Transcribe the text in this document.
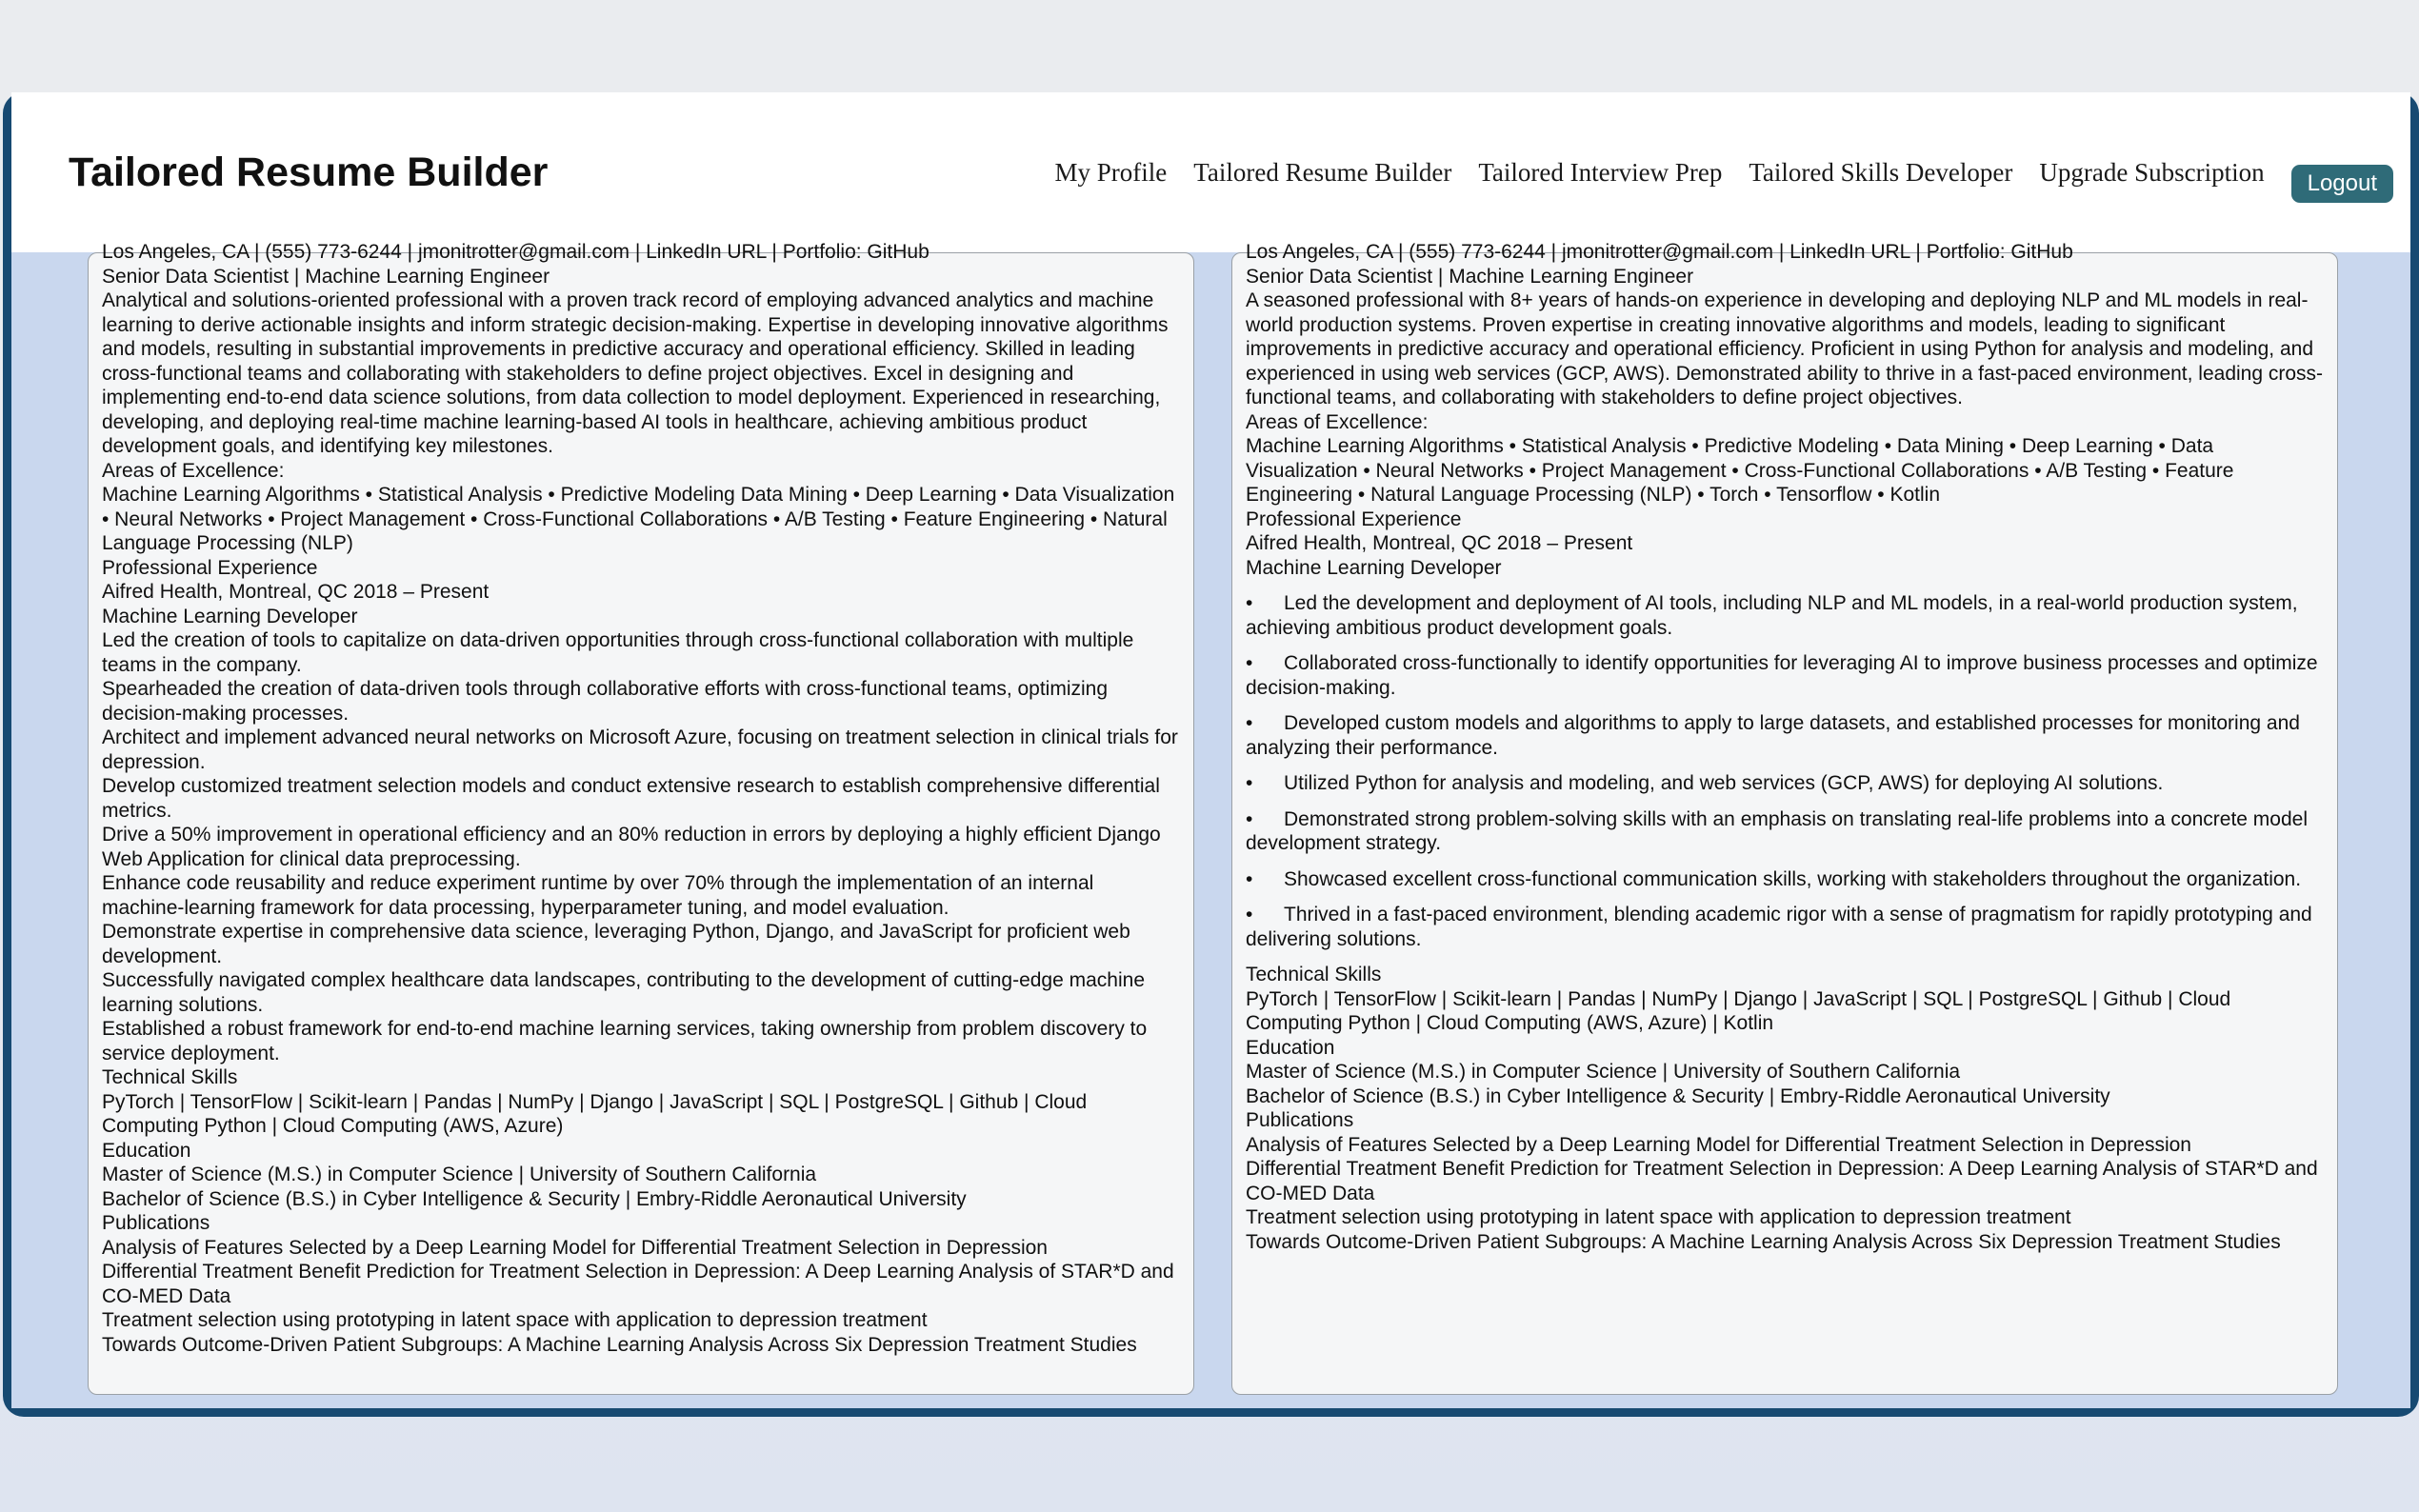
Tailored Resume Builder	My Profile Tailored Resume Builder Tailored Interview Prep Tailored Skills Developer Upgrade Subscription	Logout

Los Angeles, CA | (555) 773-6244 | jmonitrotter@gmail.com | LinkedIn URL | Portfolio: GitHub

Senior Data Scientist | Machine Learning Engineer

Analytical and solutions-oriented professional with a proven track record of employing advanced analytics and machine learning to derive actionable insights and inform strategic decision-making. Expertise in developing innovative algorithms and models, resulting in substantial improvements in predictive accuracy and operational efficiency. Skilled in leading cross-functional teams and collaborating with stakeholders to define project objectives. Excel in designing and implementing end-to-end data science solutions, from data collection to model deployment. Experienced in researching, developing, and deploying real-time machine learning-based AI tools in healthcare, achieving ambitious product development goals, and identifying key milestones.

Areas of Excellence:

Machine Learning Algorithms • Statistical Analysis • Predictive Modeling Data Mining • Deep Learning • Data Visualization • Neural Networks • Project Management • Cross-Functional Collaborations • A/B Testing • Feature Engineering • Natural Language Processing (NLP)

Professional Experience

Aifred Health, Montreal, QC 2018 – Present

Machine Learning Developer

Led the creation of tools to capitalize on data-driven opportunities through cross-functional collaboration with multiple teams in the company.

Spearheaded the creation of data-driven tools through collaborative efforts with cross-functional teams, optimizing decision-making processes.

Architect and implement advanced neural networks on Microsoft Azure, focusing on treatment selection in clinical trials for depression.

Develop customized treatment selection models and conduct extensive research to establish comprehensive differential metrics.

Drive a 50% improvement in operational efficiency and an 80% reduction in errors by deploying a highly efficient Django Web Application for clinical data preprocessing.

Enhance code reusability and reduce experiment runtime by over 70% through the implementation of an internal machine-learning framework for data processing, hyperparameter tuning, and model evaluation.

Demonstrate expertise in comprehensive data science, leveraging Python, Django, and JavaScript for proficient web development.

Successfully navigated complex healthcare data landscapes, contributing to the development of cutting-edge machine learning solutions.

Established a robust framework for end-to-end machine learning services, taking ownership from problem discovery to service deployment.

Technical Skills

PyTorch | TensorFlow | Scikit-learn | Pandas | NumPy | Django | JavaScript | SQL | PostgreSQL | Github | Cloud Computing Python | Cloud Computing (AWS, Azure)

Education

Master of Science (M.S.) in Computer Science | University of Southern California

Bachelor of Science (B.S.) in Cyber Intelligence & Security | Embry-Riddle Aeronautical University

Publications

Analysis of Features Selected by a Deep Learning Model for Differential Treatment Selection in Depression

Differential Treatment Benefit Prediction for Treatment Selection in Depression: A Deep Learning Analysis of STAR*D and CO-MED Data

Treatment selection using prototyping in latent space with application to depression treatment

Towards Outcome-Driven Patient Subgroups: A Machine Learning Analysis Across Six Depression Treatment Studies

Los Angeles, CA | (555) 773-6244 | jmonitrotter@gmail.com | LinkedIn URL | Portfolio: GitHub

Senior Data Scientist | Machine Learning Engineer

A seasoned professional with 8+ years of hands-on experience in developing and deploying NLP and ML models in real-world production systems. Proven expertise in creating innovative algorithms and models, leading to significant improvements in predictive accuracy and operational efficiency. Proficient in using Python for analysis and modeling, and experienced in using web services (GCP, AWS). Demonstrated ability to thrive in a fast-paced environment, leading cross-functional teams, and collaborating with stakeholders to define project objectives.

Areas of Excellence:

Machine Learning Algorithms • Statistical Analysis • Predictive Modeling • Data Mining • Deep Learning • Data Visualization • Neural Networks • Project Management • Cross-Functional Collaborations • A/B Testing • Feature Engineering • Natural Language Processing (NLP) • Torch • Tensorflow • Kotlin

Professional Experience

Aifred Health, Montreal, QC 2018 – Present

Machine Learning Developer

• Led the development and deployment of AI tools, including NLP and ML models, in a real-world production system, achieving ambitious product development goals.

• Collaborated cross-functionally to identify opportunities for leveraging AI to improve business processes and optimize decision-making.

• Developed custom models and algorithms to apply to large datasets, and established processes for monitoring and analyzing their performance.

• Utilized Python for analysis and modeling, and web services (GCP, AWS) for deploying AI solutions.

• Demonstrated strong problem-solving skills with an emphasis on translating real-life problems into a concrete model development strategy.

• Showcased excellent cross-functional communication skills, working with stakeholders throughout the organization.

• Thrived in a fast-paced environment, blending academic rigor with a sense of pragmatism for rapidly prototyping and delivering solutions.

Technical Skills

PyTorch | TensorFlow | Scikit-learn | Pandas | NumPy | Django | JavaScript | SQL | PostgreSQL | Github | Cloud Computing Python | Cloud Computing (AWS, Azure) | Kotlin

Education

Master of Science (M.S.) in Computer Science | University of Southern California

Bachelor of Science (B.S.) in Cyber Intelligence & Security | Embry-Riddle Aeronautical University

Publications

Analysis of Features Selected by a Deep Learning Model for Differential Treatment Selection in Depression

Differential Treatment Benefit Prediction for Treatment Selection in Depression: A Deep Learning Analysis of STAR*D and CO-MED Data

Treatment selection using prototyping in latent space with application to depression treatment

Towards Outcome-Driven Patient Subgroups: A Machine Learning Analysis Across Six Depression Treatment Studies
